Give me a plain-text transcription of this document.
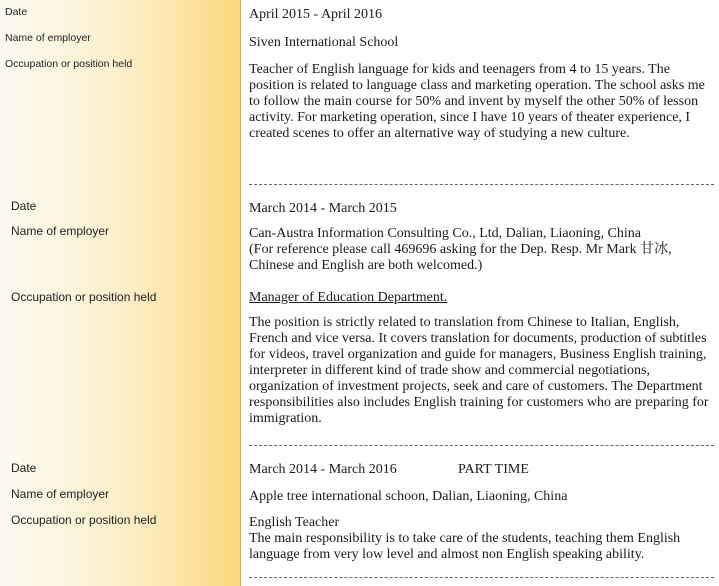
Date
Name of employer
Occupation or position held
April 2015 - April 2016
Siven International School
Teacher of English language for kids and teenagers from 4 to 15 years. The position is related to language class and marketing operation. The school asks me to follow the main course for 50% and invent by myself the other 50% of lesson activity. For marketing operation, since I have 10 years of theater experience, I created scenes to offer an alternative way of studying a new culture.
Date
Name of employer
Occupation or position held
March 2014 - March 2015
Can-Austra Information Consulting Co., Ltd, Dalian, Liaoning, China
(For reference please call 469696 asking for the Dep. Resp. Mr Mark 甘冰, Chinese and English are both welcomed.)
Manager of Education Department.
The position is strictly related to translation from Chinese to Italian, English, French and vice versa. It covers translation for documents, production of subtitles for videos, travel organization and guide for managers, Business English training, interpreter in different kind of trade show and commercial negotiations, organization of investment projects, seek and care of customers. The Department responsibilities also includes English training for customers who are preparing for immigration.
Date
Name of employer
Occupation or position held
March 2014 - March 2016	PART TIME
Apple tree international schoon, Dalian, Liaoning, China
English Teacher
The main responsibility is to take care of the students, teaching them English language from very low level and almost non English speaking ability.
